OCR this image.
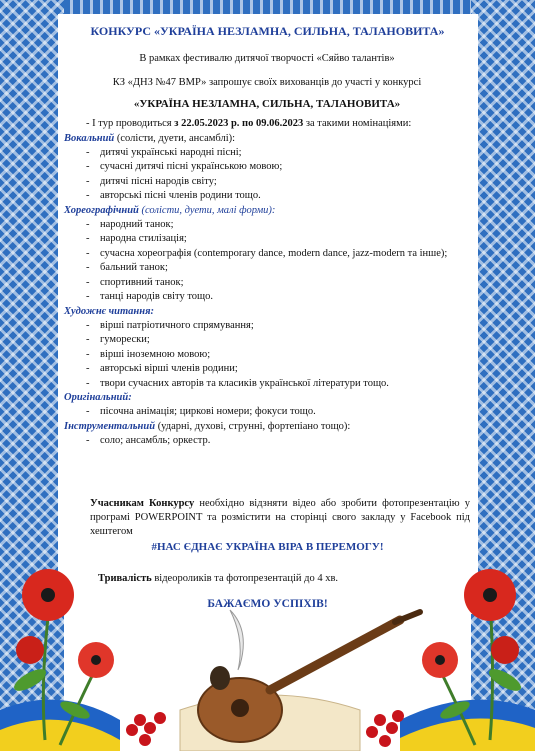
КОНКУРС «УКРАЇНА НЕЗЛАМНА, СИЛЬНА, ТАЛАНОВИТА»
В рамках фестивалю дитячої творчості «Сяйво талантів»
КЗ «ДНЗ №47 ВМР» запрошує своїх вихованців до участі у конкурсі
«УКРАЇНА НЕЗЛАМНА, СИЛЬНА, ТАЛАНОВИТА»
- І тур проводиться з 22.05.2023 р. по 09.06.2023 за такими номінаціями:
Вокальний (солісти, дуети, ансамблі):
- дитячі українські народні пісні;
- сучасні дитячі пісні українською мовою;
- дитячі пісні народів світу;
- авторські пісні членів родини тощо.
Хореографічний (солісти, дуети, малі форми):
- народний танок;
- народна стилізація;
- сучасна хореографія (contemporary dance, modern dance, jazz-modern та інше);
- бальний танок;
- спортивний танок;
- танці народів світу тощо.
Художнє читання:
- вірші патріотичного спрямування;
- гуморески;
- вірші іноземною мовою;
- авторські вірші членів родини;
- твори сучасних авторів та класиків української літератури тощо.
Оригінальний:
- пісочна анімація; циркові номери; фокуси тощо.
Інструментальний (ударні, духові, струнні, фортепіано тощо):
- соло; ансамбль; оркестр.
Учасникам Конкурсу необхідно відзняти відео або зробити фотопрезентацію у програмі POWERPOINT та розмістити на сторінці свого закладу у Facebook під хештегом
#НАС ЄДНАЄ УКРАЇНА ВІРА В ПЕРЕМОГУ!
Тривалість відеороликів та фотопрезентацій до 4 хв.
БАЖАЄМО УСПІХІВ!
